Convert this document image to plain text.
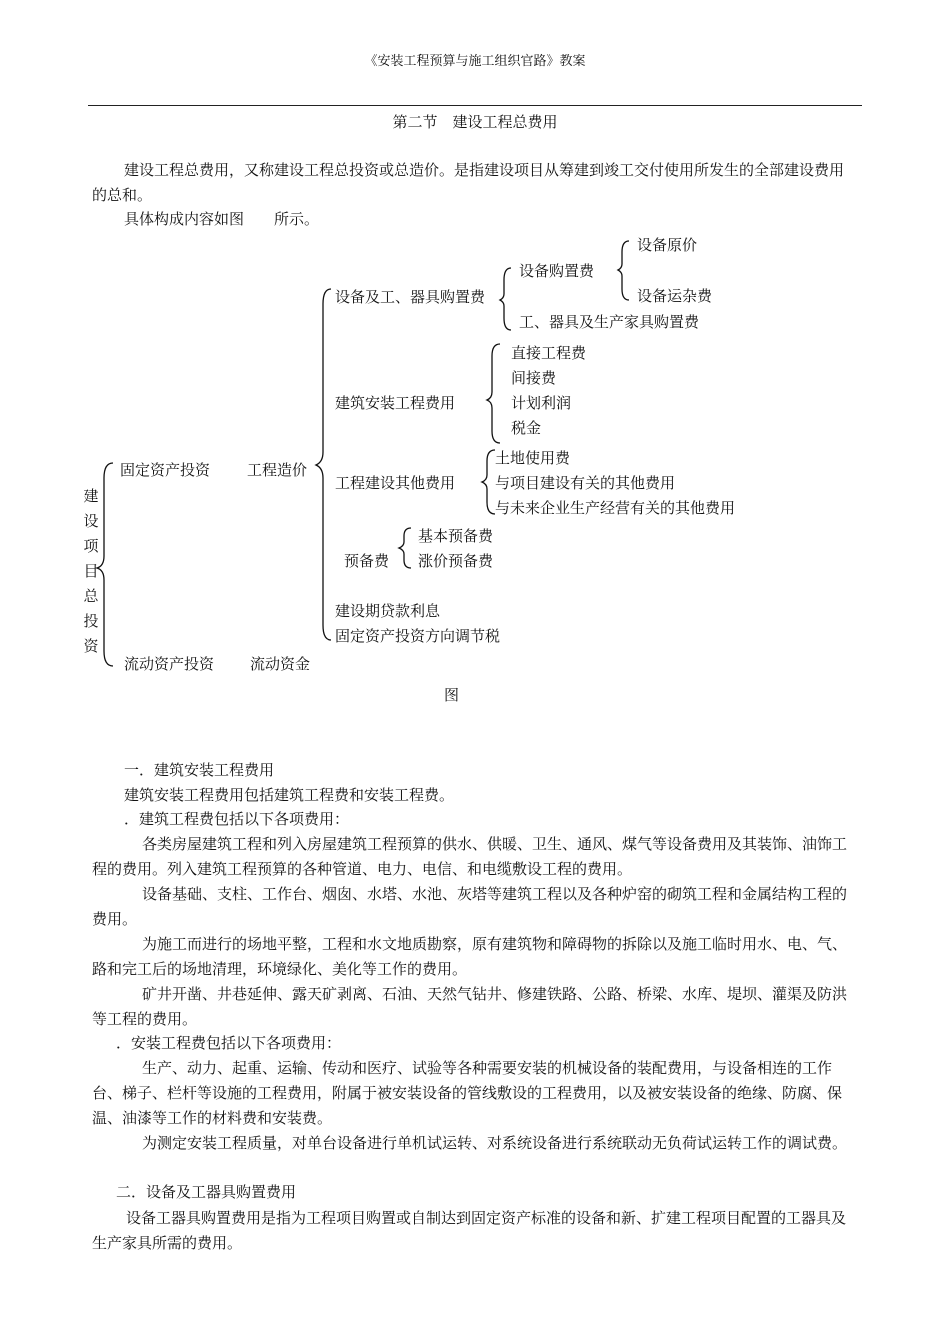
《安装工程预算与施工组织官路》教案
第二节　建设工程总费用
建设工程总费用，又称建设工程总投资或总造价。是指建设项目从筹建到竣工交付使用所发生的全部建设费用的总和。
具体构成内容如图　　所示。
建
设
项
目
总
投
资
固定资产投资 工程造价
流动资产投资 流动资金
设备及工、器具购置费
设备购置费
设备原价
设备运杂费
工、器具及生产家具购置费
建筑安装工程费用
直接工程费
间接费
计划利润
税金
工程建设其他费用
土地使用费
与项目建设有关的其他费用
与未来企业生产经营有关的其他费用
预备费
基本预备费
涨价预备费
建设期贷款利息
固定资产投资方向调节税
图
一．建筑安装工程费用
建筑安装工程费用包括建筑工程费和安装工程费。
．建筑工程费包括以下各项费用：
各类房屋建筑工程和列入房屋建筑工程预算的供水、供暖、卫生、通风、煤气等设备费用及其装饰、油饰工程的费用。列入建筑工程预算的各种管道、电力、电信、和电缆敷设工程的费用。
设备基础、支柱、工作台、烟囱、水塔、水池、灰塔等建筑工程以及各种炉窑的砌筑工程和金属结构工程的费用。
为施工而进行的场地平整，工程和水文地质勘察，原有建筑物和障碍物的拆除以及施工临时用水、电、气、路和完工后的场地清理，环境绿化、美化等工作的费用。
矿井开凿、井巷延伸、露天矿剥离、石油、天然气钻井、修建铁路、公路、桥梁、水库、堤坝、灌渠及防洪等工程的费用。
．安装工程费包括以下各项费用：
生产、动力、起重、运输、传动和医疗、试验等各种需要安装的机械设备的装配费用，与设备相连的工作台、梯子、栏杆等设施的工程费用，附属于被安装设备的管线敷设的工程费用，以及被安装设备的绝缘、防腐、保温、油漆等工作的材料费和安装费。
为测定安装工程质量，对单台设备进行单机试运转、对系统设备进行系统联动无负荷试运转工作的调试费。
二．设备及工器具购置费用
设备工器具购置费用是指为工程项目购置或自制达到固定资产标准的设备和新、扩建工程项目配置的工器具及生产家具所需的费用。
